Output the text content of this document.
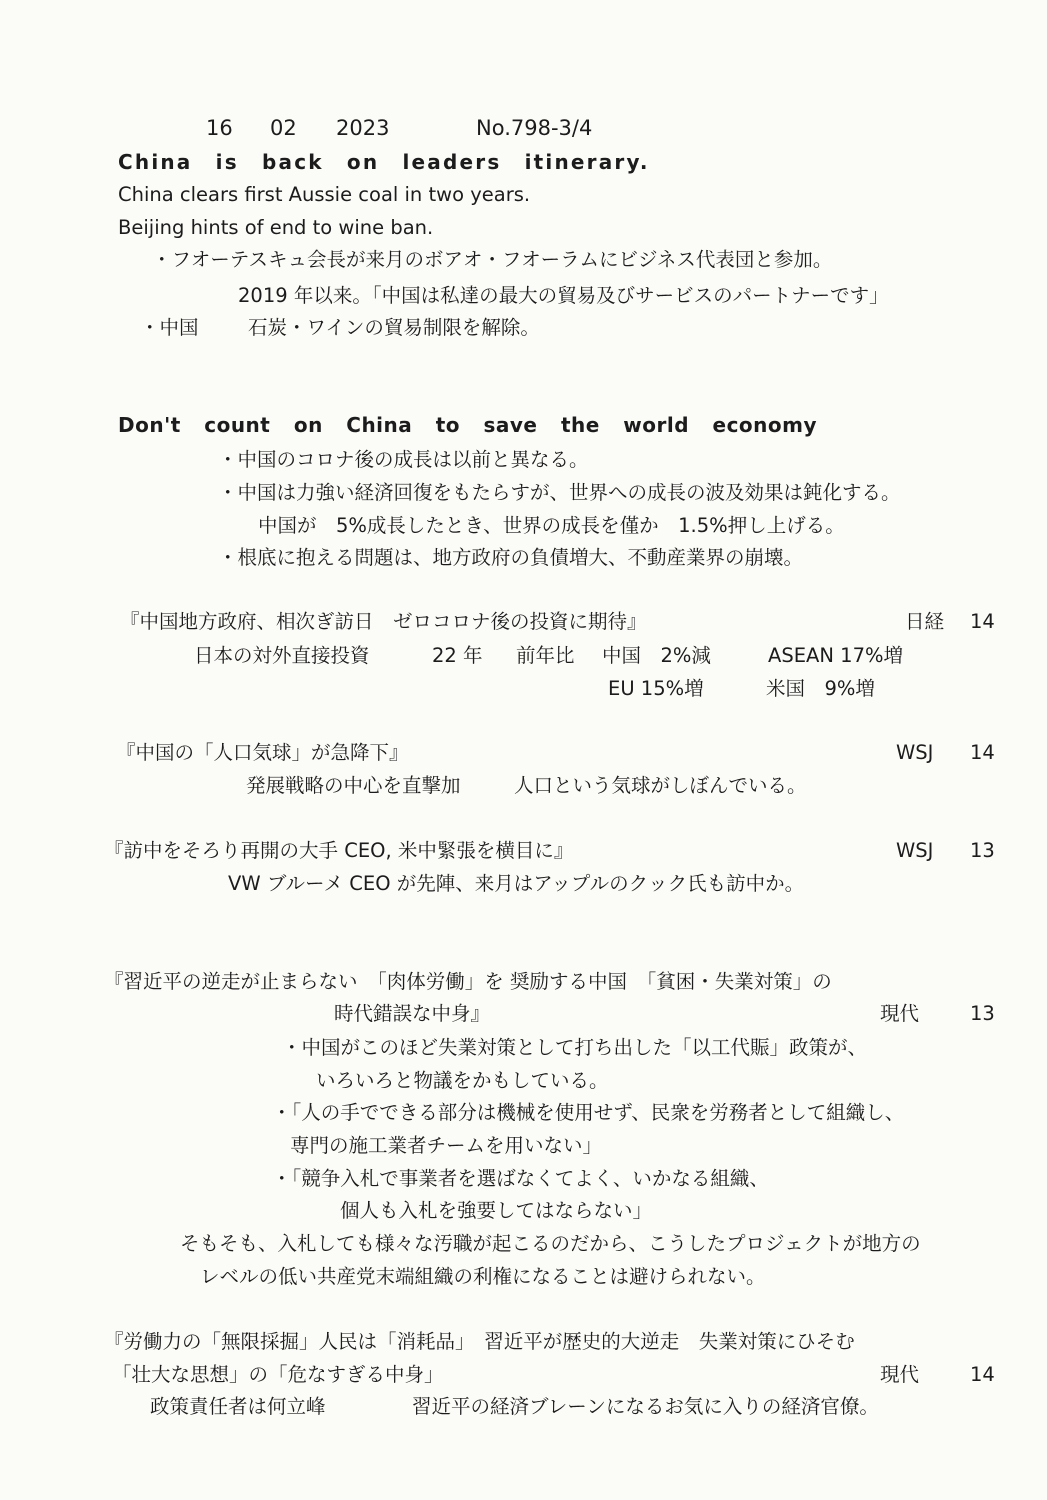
16 02 2023	No.798-3/4
China is back on leaders itinerary.
China clears first Aussie coal in two years.
Beijing hints of end to wine ban.
・フオーテスキュ会長が来月のボアオ・フオーラムにビジネス代表団と参加。
2019 年以来。「中国は私達の最大の貿易及びサービスのパートナーです」
・中国	石炭・ワインの貿易制限を解除。
Don't count on China to save the world economy
・中国のコロナ後の成長は以前と異なる。
・中国は力強い経済回復をもたらすが、世界への成長の波及効果は鈍化する。
中国が　5%成長したとき、世界の成長を僅か　1.5%押し上げる。
・根底に抱える問題は、地方政府の負債増大、不動産業界の崩壊。
『中国地方政府、相次ぎ訪日　ゼロコロナ後の投資に期待』	日経 14
日本の対外直接投資	22 年 前年比 中国　2%減	ASEAN 17%増
EU 15%増	米国　9%増
『中国の「人口気球」が急降下』	WSJ 14
発展戦略の中心を直撃加	人口という気球がしぼんでいる。
『訪中をそろり再開の大手 CEO, 米中緊張を横目に』	WSJ 13
VW ブルーメ CEO が先陣、来月はアップルのクック氏も訪中か。
『習近平の逆走が止まらない　「肉体労働」を 奨励する中国　「貧困・失業対策」の
時代錯誤な中身』	現代	13
・中国がこのほど失業対策として打ち出した「以工代賑」政策が、
いろいろと物議をかもしている。
・「人の手でできる部分は機械を使用せず、民衆を労務者として組織し、
専門の施工業者チームを用いない」
・「競争入札で事業者を選ばなくてよく、いかなる組織、
個人も入札を強要してはならない」
そもそも、入札しても様々な汚職が起こるのだから、こうしたプロジェクトが地方の
レベルの低い共産党末端組織の利権になることは避けられない。
『労働力の「無限採掘」人民は「消耗品」　習近平が歴史的大逆走　失業対策にひそむ
「壮大な思想」の「危なすぎる中身」	現代	14
政策責任者は何立峰	習近平の経済ブレーンになるお気に入りの経済官僚。
